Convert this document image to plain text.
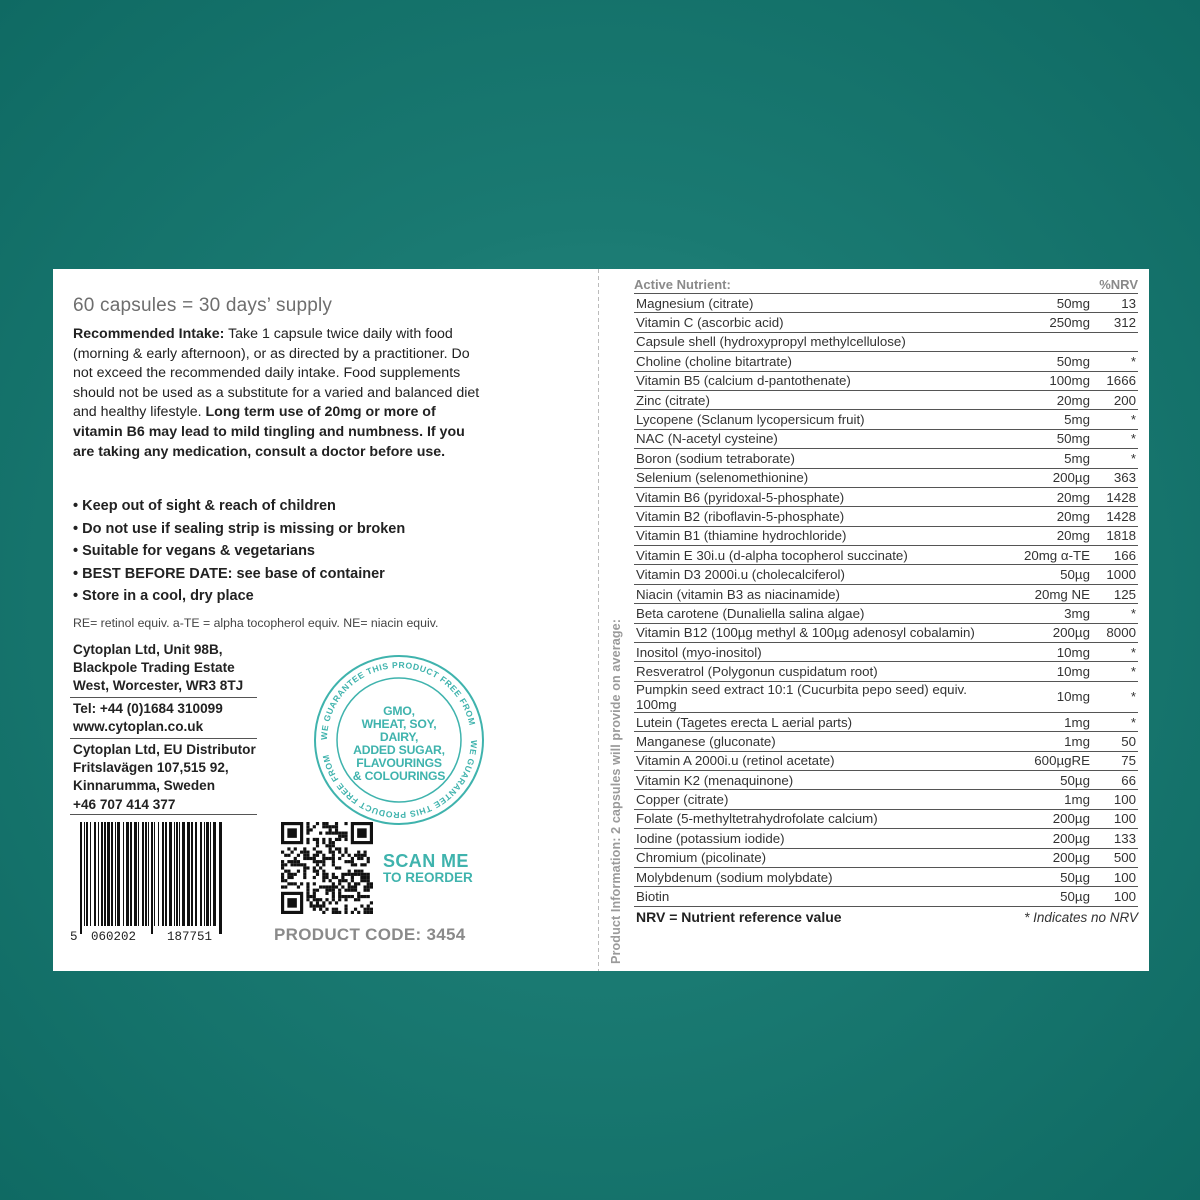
60 capsules = 30 days’ supply
Recommended Intake: Take 1 capsule twice daily with food (morning & early afternoon), or as directed by a practitioner. Do not exceed the recommended daily intake. Food supplements should not be used as a substitute for a varied and balanced diet and healthy lifestyle. Long term use of 20mg or more of vitamin B6 may lead to mild tingling and numbness. If you are taking any medication, consult a doctor before use.
• Keep out of sight & reach of children
• Do not use if sealing strip is missing or broken
• Suitable for vegans & vegetarians
• BEST BEFORE DATE: see base of container
• Store in a cool, dry place
RE= retinol equiv. a-TE = alpha tocopherol equiv. NE= niacin equiv.
Cytoplan Ltd, Unit 98B,
Blackpole Trading Estate
West, Worcester, WR3 8TJ
Tel: +44 (0)1684 310099
www.cytoplan.co.uk
Cytoplan Ltd, EU Distributor
Fritslavägen 107,515 92,
Kinnarumma, Sweden
+46 707 414 377
WE GUARANTEE THIS PRODUCT FREE FROM
WE GUARANTEE THIS PRODUCT FREE FROM
GMO,
WHEAT, SOY,
DAIRY,
ADDED SUGAR,
FLAVOURINGS
& COLOURINGS
5 060202 187751
SCAN ME
TO REORDER
PRODUCT CODE: 3454	Product Information: 2 capsules will provide on average:
Active Nutrient:	%NRV
Magnesium (citrate)	50mg	13
Vitamin C (ascorbic acid)	250mg	312
Capsule shell (hydroxypropyl methylcellulose)
Choline (choline bitartrate)	50mg	*
Vitamin B5 (calcium d-pantothenate)	100mg	1666
Zinc (citrate)	20mg	200
Lycopene (Sclanum lycopersicum fruit)	5mg	*
NAC (N-acetyl cysteine)	50mg	*
Boron (sodium tetraborate)	5mg	*
Selenium (selenomethionine)	200µg	363
Vitamin B6 (pyridoxal-5-phosphate)	20mg	1428
Vitamin B2 (riboflavin-5-phosphate)	20mg	1428
Vitamin B1 (thiamine hydrochloride)	20mg	1818
Vitamin E 30i.u (d-alpha tocopherol succinate)	20mg α-TE	166
Vitamin D3 2000i.u (cholecalciferol)	50µg	1000
Niacin (vitamin B3 as niacinamide)	20mg NE	125
Beta carotene (Dunaliella salina algae)	3mg	*
Vitamin B12 (100µg methyl & 100µg adenosyl cobalamin)	200µg	8000
Inositol (myo-inositol)	10mg	*
Resveratrol (Polygonun cuspidatum root)	10mg	*
Pumpkin seed extract 10:1 (Cucurbita pepo seed) equiv. 100mg	10mg	*
Lutein (Tagetes erecta L aerial parts)	1mg	*
Manganese (gluconate)	1mg	50
Vitamin A 2000i.u (retinol acetate)	600µgRE	75
Vitamin K2 (menaquinone)	50µg	66
Copper (citrate)	1mg	100
Folate (5-methyltetrahydrofolate calcium)	200µg	100
Iodine (potassium iodide)	200µg	133
Chromium (picolinate)	200µg	500
Molybdenum (sodium molybdate)	50µg	100
Biotin	50µg	100
NRV = Nutrient reference value	* Indicates no NRV
